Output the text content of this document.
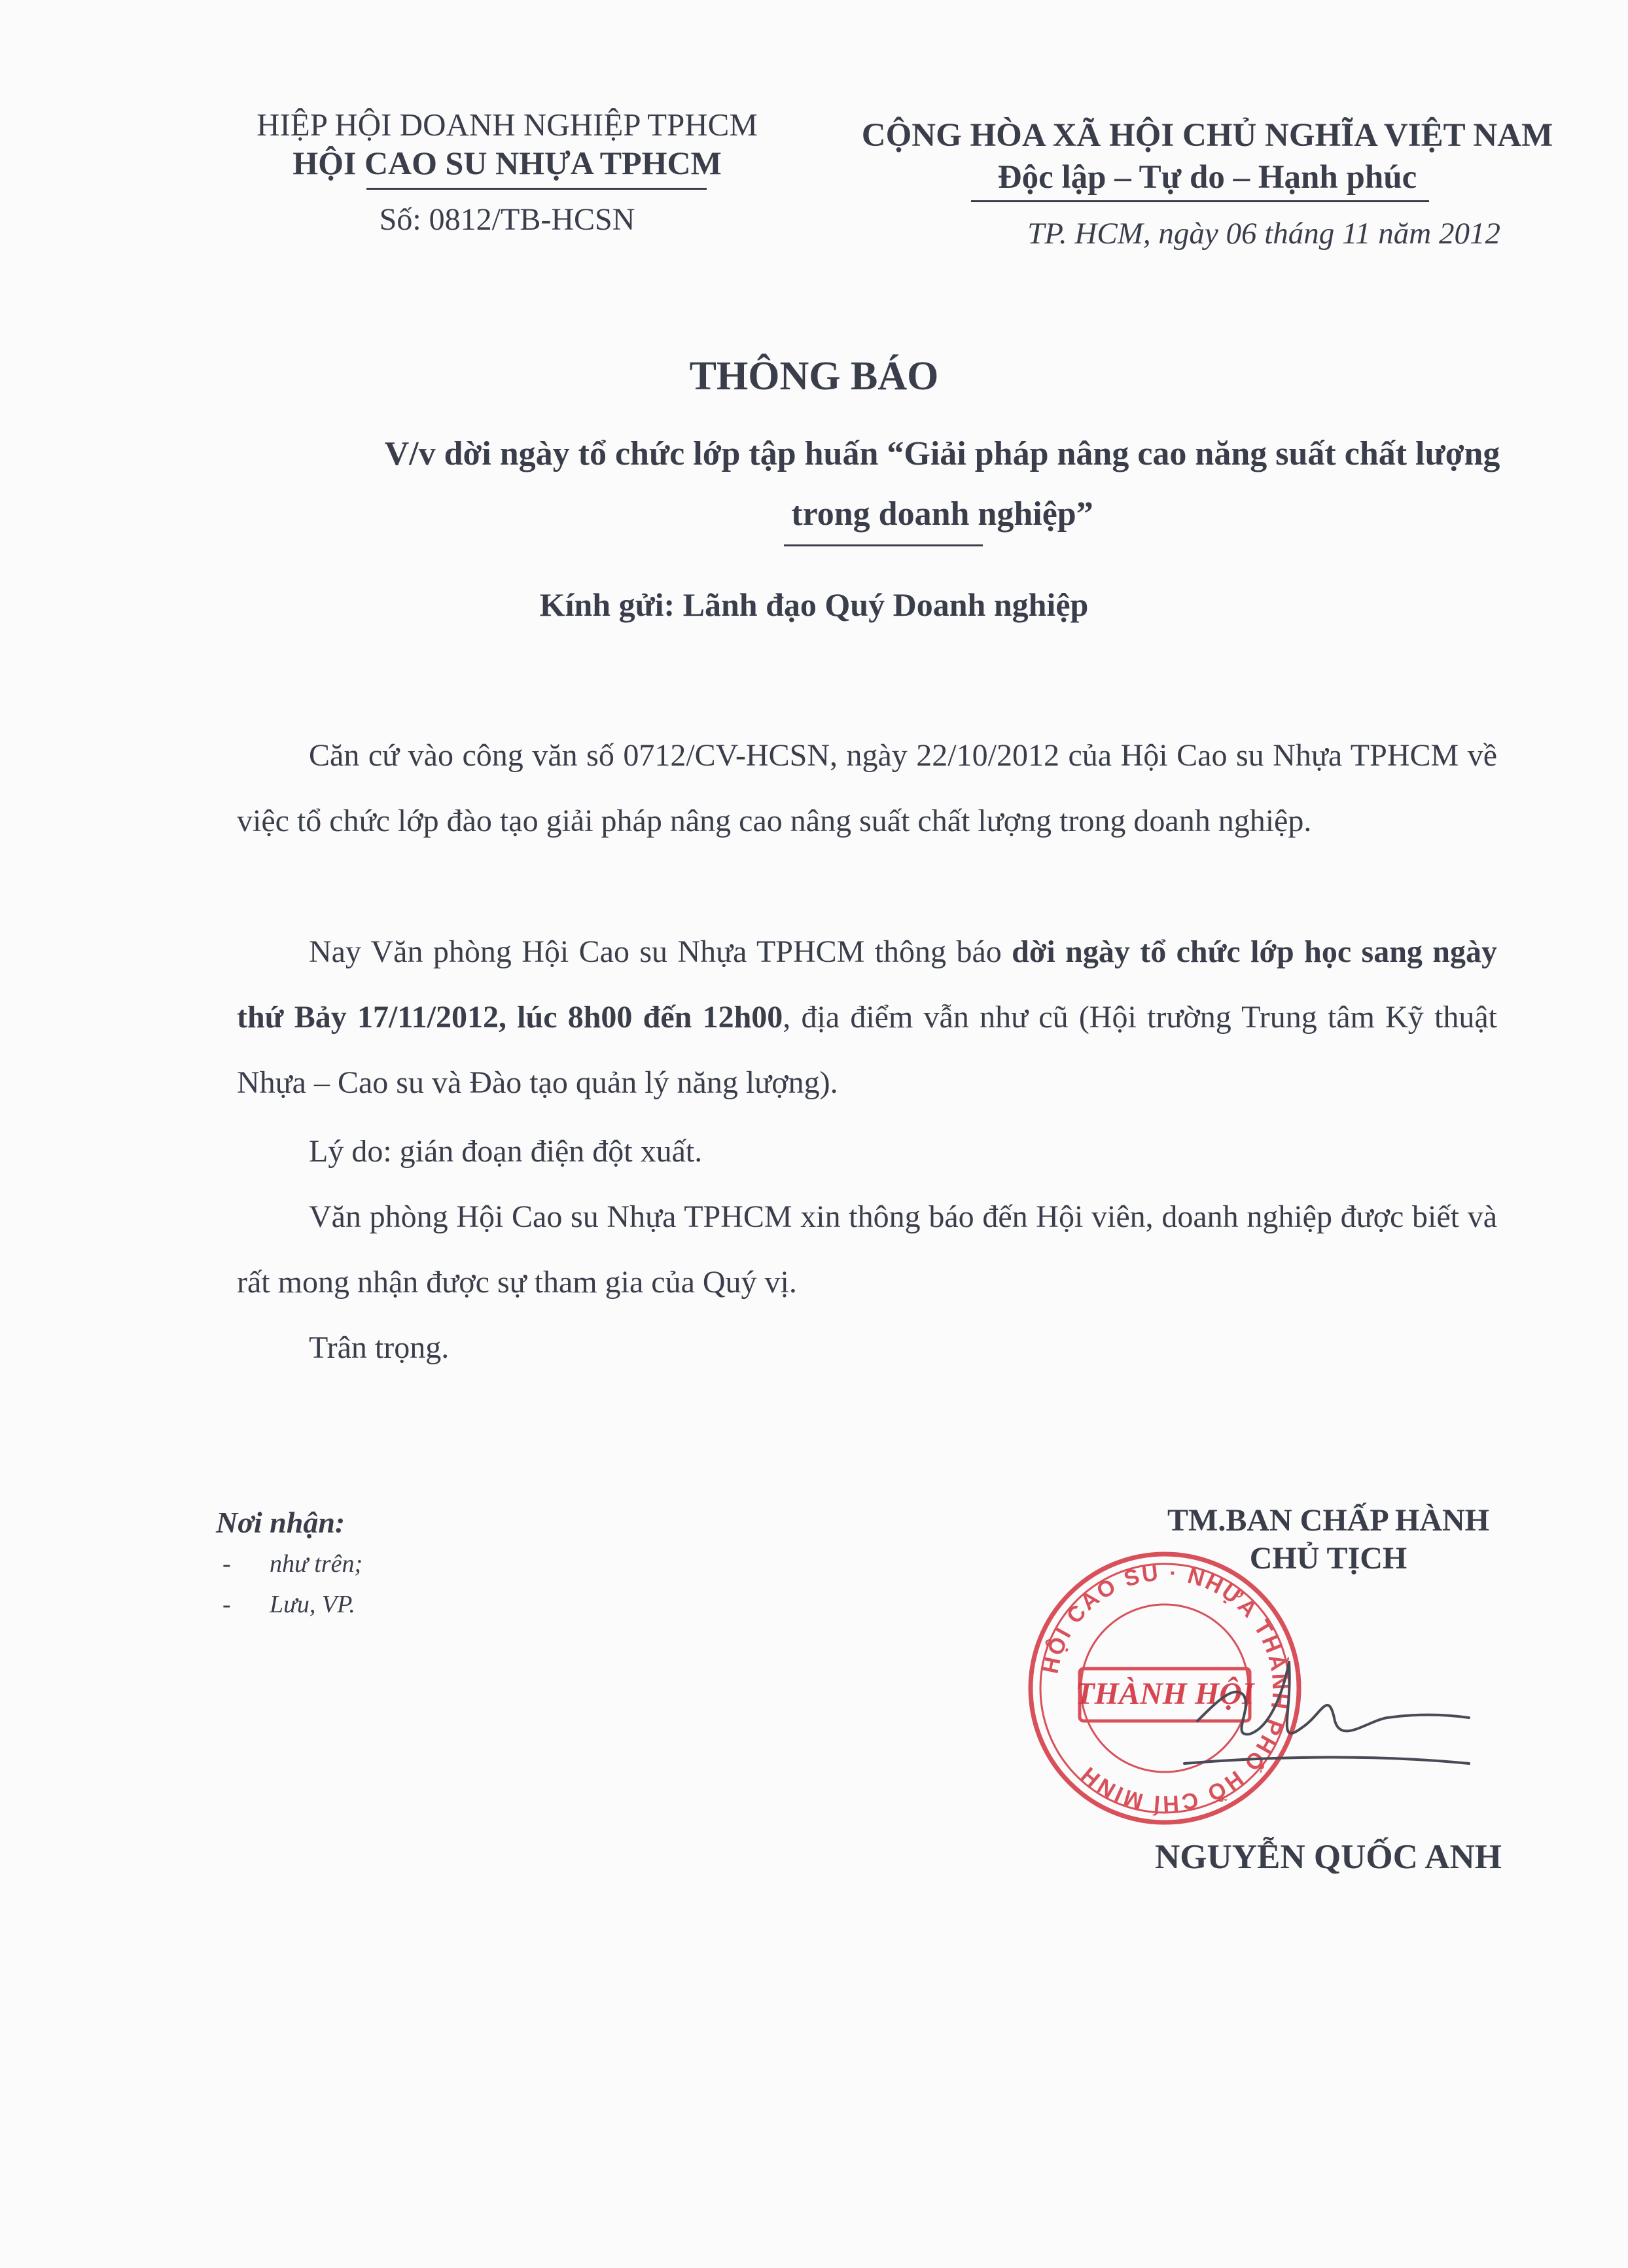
HIỆP HỘI DOANH NGHIỆP TPHCM
HỘI CAO SU NHỰA TPHCM
Số: 0812/TB-HCSN
CỘNG HÒA XÃ HỘI CHỦ NGHĨA VIỆT NAM
Độc lập – Tự do – Hạnh phúc
TP. HCM, ngày 06 tháng 11 năm 2012
THÔNG BÁO
V/v dời ngày tổ chức lớp tập huấn “Giải pháp nâng cao năng suất chất lượng trong doanh nghiệp”
Kính gửi: Lãnh đạo Quý Doanh nghiệp
Căn cứ vào công văn số 0712/CV-HCSN, ngày 22/10/2012 của Hội Cao su Nhựa TPHCM về việc tổ chức lớp đào tạo giải pháp nâng cao nâng suất chất lượng trong doanh nghiệp.
Nay Văn phòng Hội Cao su Nhựa TPHCM thông báo dời ngày tổ chức lớp học sang ngày thứ Bảy 17/11/2012, lúc 8h00 đến 12h00, địa điểm vẫn như cũ (Hội trường Trung tâm Kỹ thuật Nhựa – Cao su và Đào tạo quản lý năng lượng).
Lý do: gián đoạn điện đột xuất.
Văn phòng Hội Cao su Nhựa TPHCM xin thông báo đến Hội viên, doanh nghiệp được biết và rất mong nhận được sự tham gia của Quý vị.
Trân trọng.
Nơi nhận:
- như trên;
- Lưu, VP.
TM.BAN CHẤP HÀNH
CHỦ TỊCH
HỘI CAO SU · NHỰA THÀNH PHỐ HỒ CHÍ MINH
THÀNH HỘI
NGUYỄN QUỐC ANH
